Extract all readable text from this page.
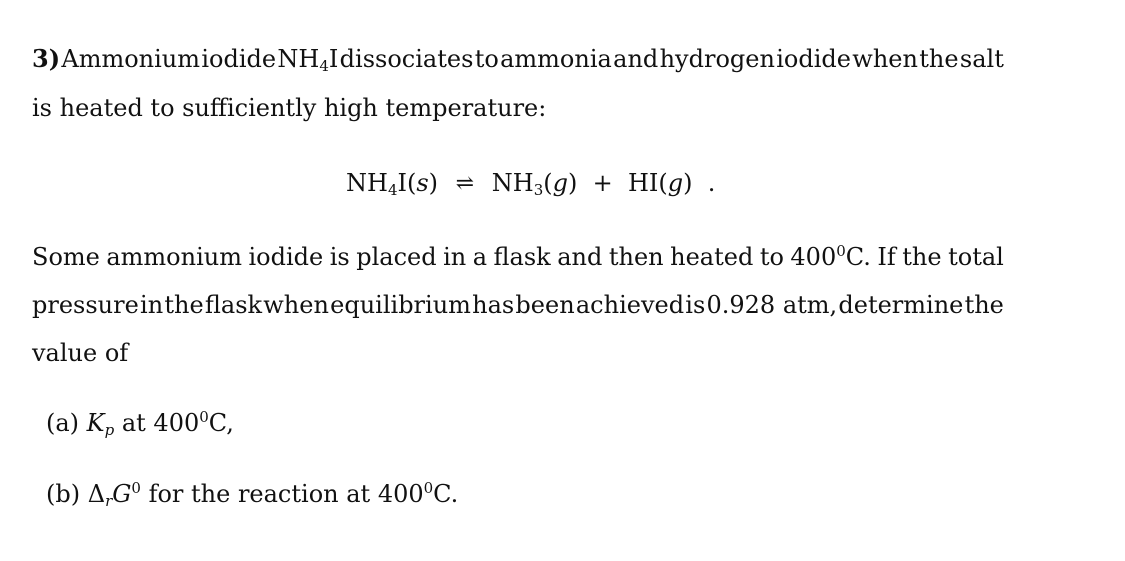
3) Ammonium iodide $NH_4I$ dissociates to ammonia and hydrogen iodide when the salt
is heated to sufficiently high temperature:
$NH_4I(s)$ ⇌ $NH_3(g) + HI(g)$ .
Some ammonium iodide is placed in a flask and then heated to $400^0C$. If the total
pressure in the flask when equilibrium has been achieved is 0.928 atm, determine the
value of
(a) $K_p$ at $400^0C$,
(b) $\Delta_rG^0$ for the reaction at $400^0C$.
